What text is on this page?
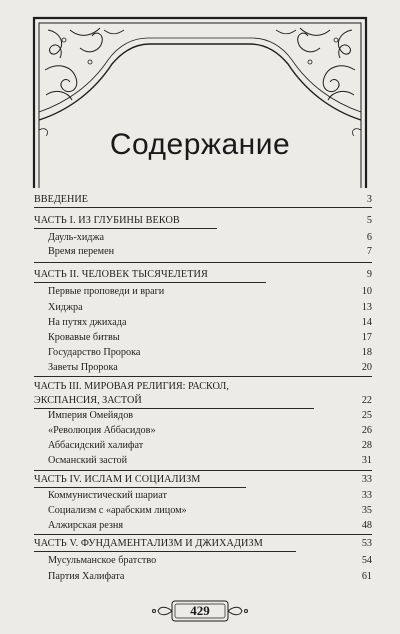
Содержание
ВВЕДЕНИЕ	3
ЧАСТЬ I. ИЗ ГЛУБИНЫ ВЕКОВ	5
Дауль-хиджа	6
Время перемен	7
ЧАСТЬ II. ЧЕЛОВЕК ТЫСЯЧЕЛЕТИЯ	9
Первые проповеди и враги	10
Хиджра	13
На путях джихада	14
Кровавые битвы	17
Государство Пророка	18
Заветы Пророка	20
ЧАСТЬ III. МИРОВАЯ РЕЛИГИЯ: РАСКОЛ,
ЭКСПАНСИЯ, ЗАСТОЙ	22
Империя Омейядов	25
«Революция Аббасидов»	26
Аббасидский халифат	28
Османский застой	31
ЧАСТЬ IV. ИСЛАМ И СОЦИАЛИЗМ	33
Коммунистический шариат	33
Социализм с «арабским лицом»	35
Алжирская резня	48
ЧАСТЬ V. ФУНДАМЕНТАЛИЗМ И ДЖИХАДИЗМ	53
Мусульманское братство	54
Партия Халифата	61
429
